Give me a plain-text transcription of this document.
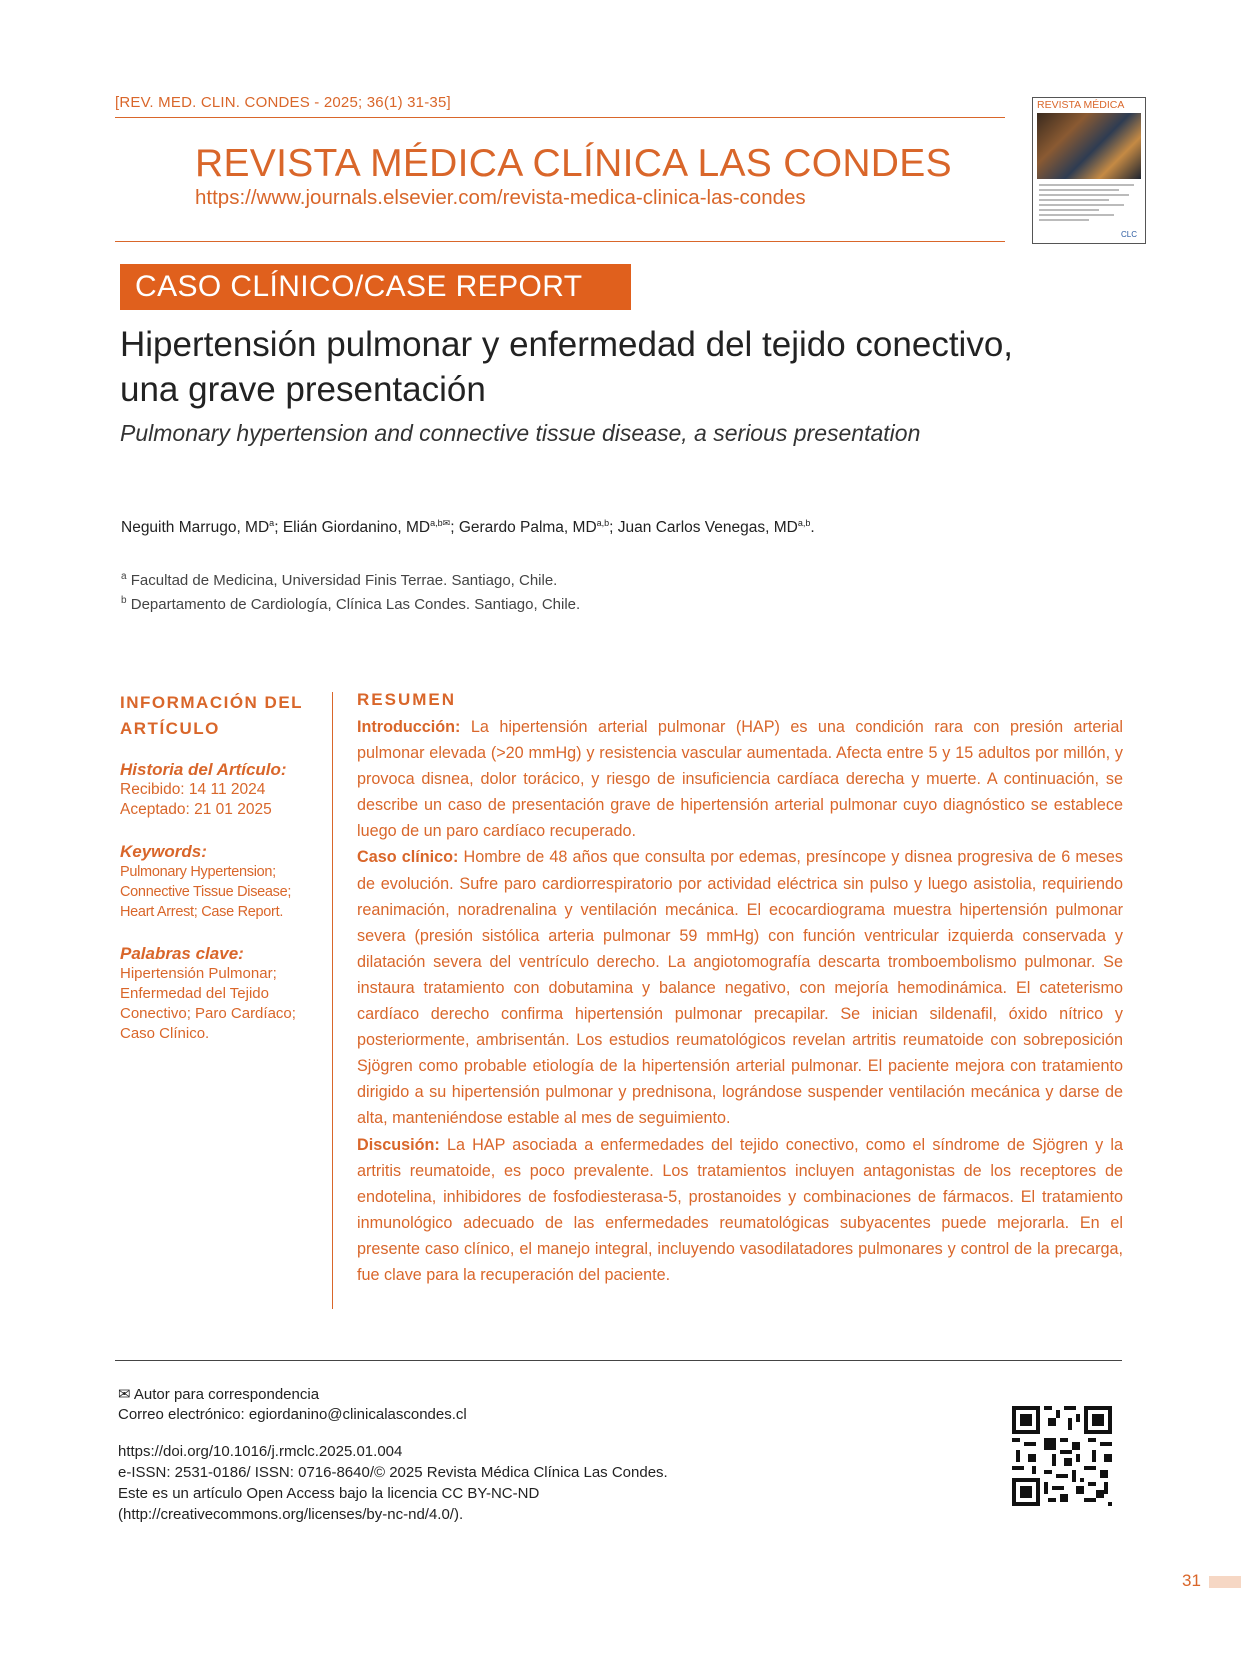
[REV. MED. CLIN. CONDES - 2025; 36(1) 31-35]
REVISTA MÉDICA CLÍNICA LAS CONDES
https://www.journals.elsevier.com/revista-medica-clinica-las-condes
REVISTA MÉDICA
CLC
CASO CLÍNICO/CASE REPORT
Hipertensión pulmonar y enfermedad del tejido conectivo,
una grave presentación
Pulmonary hypertension and connective tissue disease, a serious presentation
Neguith Marrugo, $MD^a$; Elián Giordanino, $MD^{a,b✉}$; Gerardo Palma, MD$^{a,b}$; Juan Carlos Venegas, MD$^{a,b}$.
$^a$ Facultad de Medicina, Universidad Finis Terrae. Santiago, Chile.
$^b$ Departamento de Cardiología, Clínica Las Condes. Santiago, Chile.
INFORMACIÓN DEL
ARTÍCULO
Historia del Artículo:
Recibido: 14 11 2024
Aceptado: 21 01 2025
Keywords:
Pulmonary Hypertension;
Connective Tissue Disease;
Heart Arrest; Case Report.
Palabras clave:
Hipertensión Pulmonar;
Enfermedad del Tejido
Conectivo; Paro Cardíaco;
Caso Clínico.
RESUMEN
Introducción: La hipertensión arterial pulmonar (HAP) es una condición rara con presión arterial pulmonar elevada (>20 mmHg) y resistencia vascular aumentada. Afecta entre 5 y 15 adultos por millón, y provoca disnea, dolor torácico, y riesgo de insuficiencia cardíaca derecha y muerte. A continuación, se describe un caso de presentación grave de hipertensión arterial pulmonar cuyo diagnóstico se establece luego de un paro cardíaco recuperado.
Caso clínico: Hombre de 48 años que consulta por edemas, presíncope y disnea progresiva de 6 meses de evolución. Sufre paro cardiorrespiratorio por actividad eléctrica sin pulso y luego asistolia, requiriendo reanimación, noradrenalina y ventilación mecánica. El ecocardiograma muestra hipertensión pulmonar severa (presión sistólica arteria pulmonar 59 mmHg) con función ventricular izquierda conservada y dilatación severa del ventrículo derecho. La angiotomografía descarta tromboembolismo pulmonar. Se instaura tratamiento con dobutamina y balance negativo, con mejoría hemodinámica. El cateterismo cardíaco derecho confirma hipertensión pulmonar precapilar. Se inician sildenafil, óxido nítrico y posteriormente, ambrisentán. Los estudios reumatológicos revelan artritis reumatoide con sobreposición Sjögren como probable etiología de la hipertensión arterial pulmonar. El paciente mejora con tratamiento dirigido a su hipertensión pulmonar y prednisona, lográndose suspender ventilación mecánica y darse de alta, manteniéndose estable al mes de seguimiento.
Discusión: La HAP asociada a enfermedades del tejido conectivo, como el síndrome de Sjögren y la artritis reumatoide, es poco prevalente. Los tratamientos incluyen antagonistas de los receptores de endotelina, inhibidores de fosfodiesterasa-5, prostanoides y combinaciones de fármacos. El tratamiento inmunológico adecuado de las enfermedades reumatológicas subyacentes puede mejorarla. En el presente caso clínico, el manejo integral, incluyendo vasodilatadores pulmonares y control de la precarga, fue clave para la recuperación del paciente.
✉ Autor para correspondencia
Correo electrónico: egiordanino@clinicalascondes.cl
https://doi.org/10.1016/j.rmclc.2025.01.004
e-ISSN: 2531-0186/ ISSN: 0716-8640/© 2025 Revista Médica Clínica Las Condes.
Este es un artículo Open Access bajo la licencia CC BY-NC-ND
(http://creativecommons.org/licenses/by-nc-nd/4.0/).
31
